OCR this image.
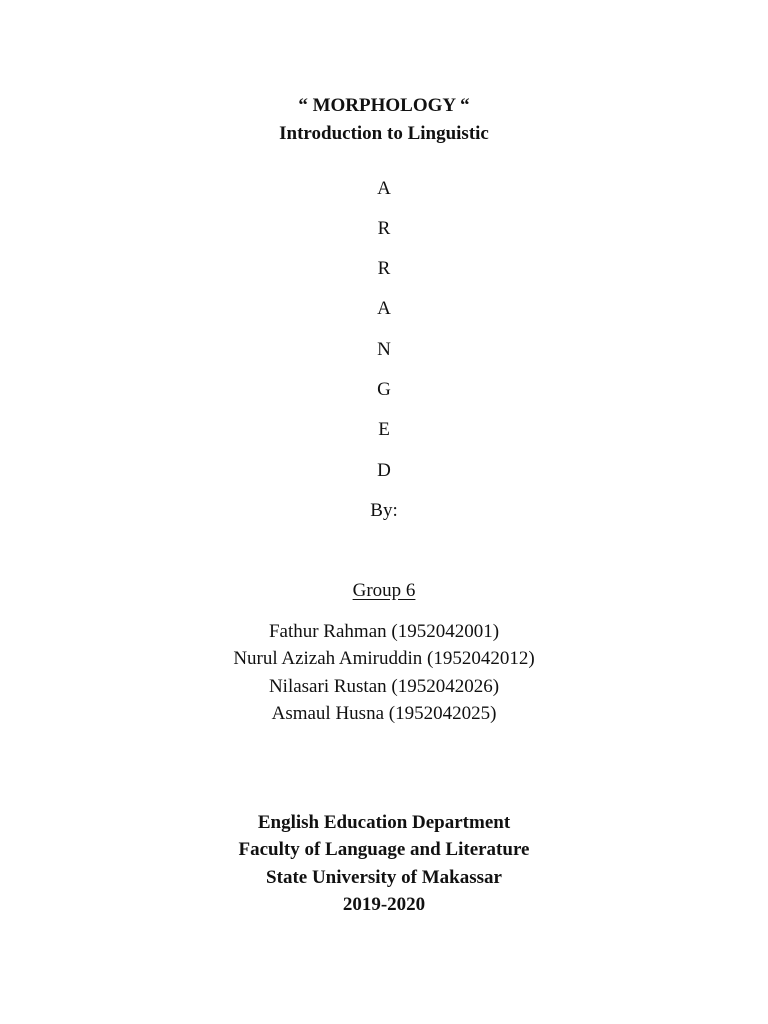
“ MORPHOLOGY “
Introduction to Linguistic
A
R
R
A
N
G
E
D
By:
Group 6
Fathur Rahman (1952042001)
Nurul Azizah Amiruddin (1952042012)
Nilasari Rustan (1952042026)
Asmaul Husna (1952042025)
English Education Department
Faculty of Language and Literature
State University of Makassar
2019-2020
